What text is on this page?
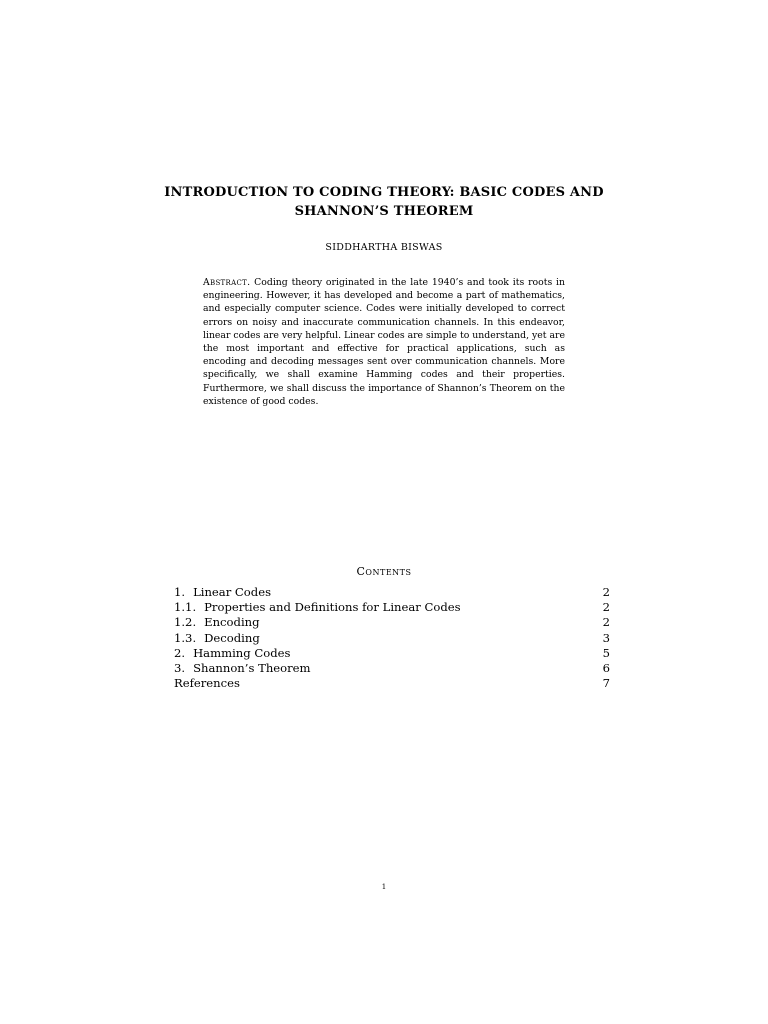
INTRODUCTION TO CODING THEORY: BASIC CODES AND
SHANNON’S THEOREM
SIDDHARTHA BISWAS
Abstract. Coding theory originated in the late 1940’s and took its roots in engineering. However, it has developed and become a part of mathematics, and especially computer science. Codes were initially developed to correct errors on noisy and inaccurate communication channels. In this endeavor, linear codes are very helpful. Linear codes are simple to understand, yet are the most important and effective for practical applications, such as encoding and decoding messages sent over communication channels. More specifically, we shall examine Hamming codes and their properties. Furthermore, we shall discuss the importance of Shannon’s Theorem on the existence of good codes.
Contents
1. Linear Codes	2
1.1. Properties and Definitions for Linear Codes	2
1.2. Encoding	2
1.3. Decoding	3
2. Hamming Codes	5
3. Shannon’s Theorem	6
References	7
1
